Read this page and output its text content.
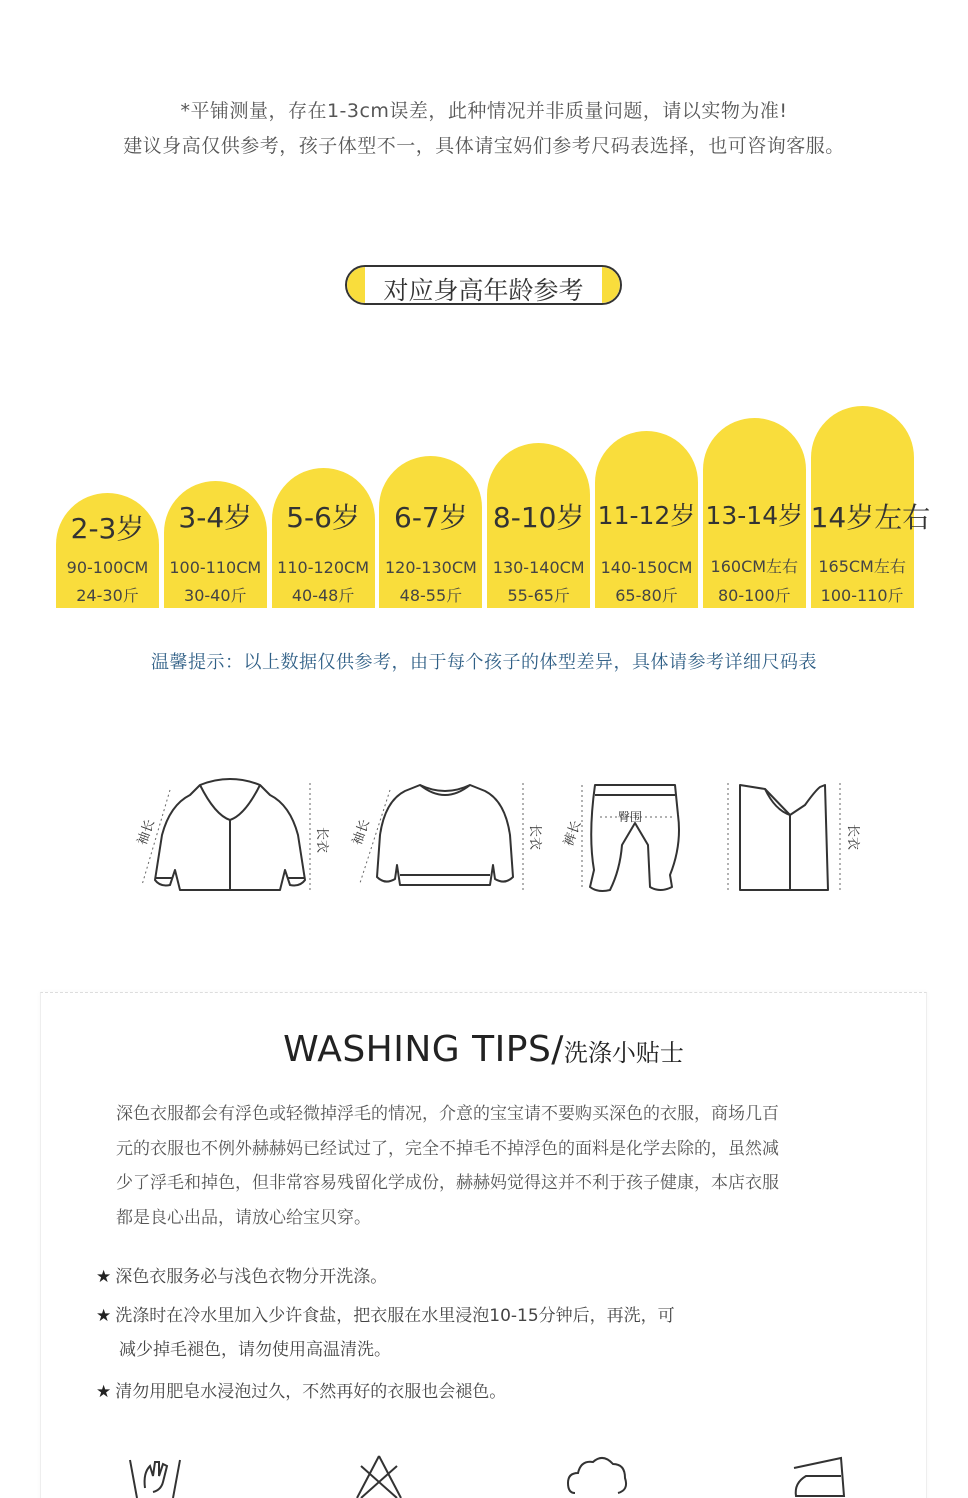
*平铺测量，存在1-3cm误差，此种情况并非质量问题，请以实物为准!
建议身高仅供参考，孩子体型不一，具体请宝妈们参考尺码表选择，也可咨询客服。
对应身高年龄参考
2-3岁
90-100CM
24-30斤
3-4岁
100-110CM
30-40斤
5-6岁
110-120CM
40-48斤
6-7岁
120-130CM
48-55斤
8-10岁
130-140CM
55-65斤
11-12岁
140-150CM
65-80斤
13-14岁
160CM左右
80-100斤
14岁左右
165CM左右
100-110斤
温馨提示：以上数据仅供参考，由于每个孩子的体型差异，具体请参考详细尺码表
袖长	长衣 袖长	长衣 裤长
臀围
长衣
WASHING TIPS/洗涤小贴士
深色衣服都会有浮色或轻微掉浮毛的情况，介意的宝宝请不要购买深色的衣服，商场几百
元的衣服也不例外赫赫妈已经试过了，完全不掉毛不掉浮色的面料是化学去除的，虽然减
少了浮毛和掉色，但非常容易残留化学成份，赫赫妈觉得这并不利于孩子健康，本店衣服
都是良心出品，请放心给宝贝穿。
★ 深色衣服务必与浅色衣物分开洗涤。
★ 洗涤时在冷水里加入少许食盐，把衣服在水里浸泡10-15分钟后，再洗，可
减少掉毛褪色，请勿使用高温清洗。
★ 清勿用肥皂水浸泡过久，不然再好的衣服也会褪色。
